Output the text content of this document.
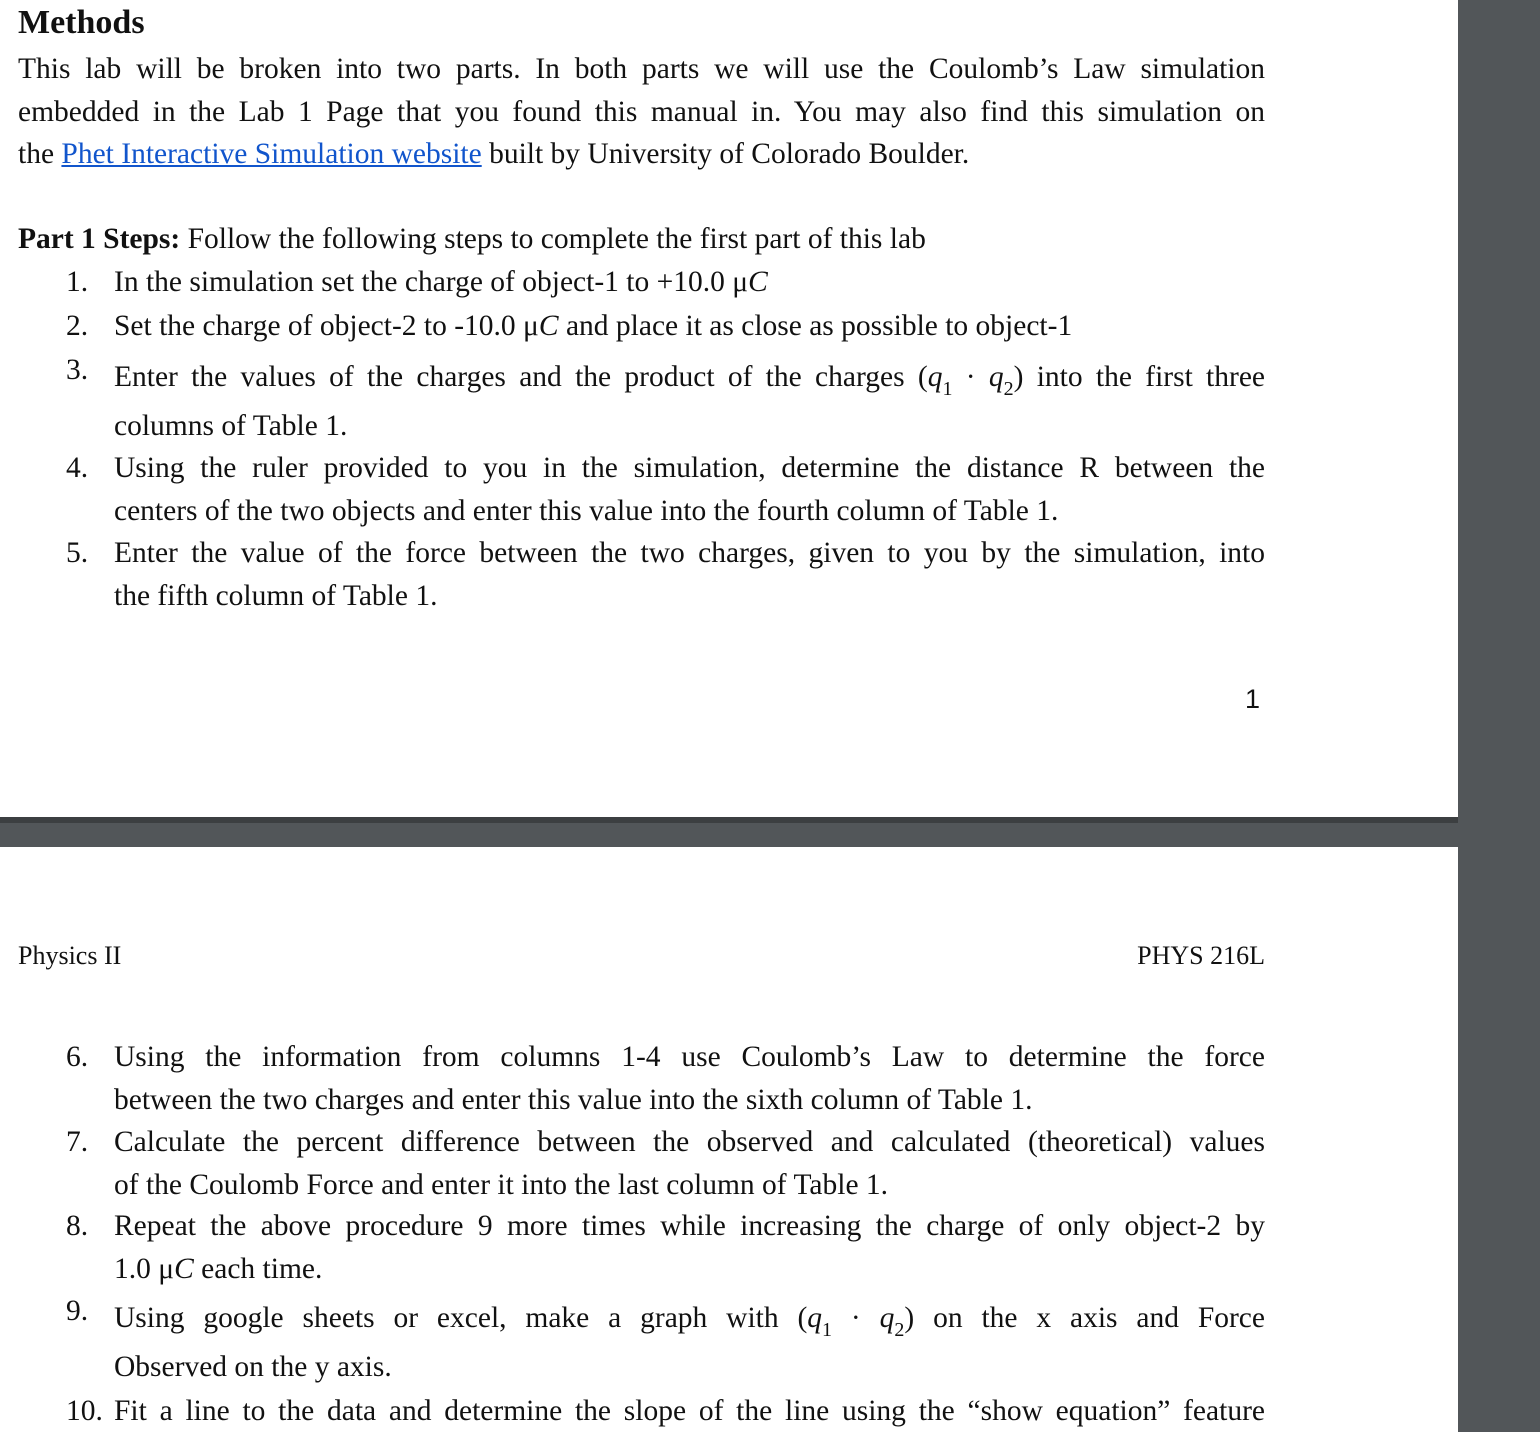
Methods
This lab will be broken into two parts. In both parts we will use the Coulomb’s Law simulation
embedded in the Lab 1 Page that you found this manual in. You may also find this simulation on
the Phet Interactive Simulation website built by University of Colorado Boulder.
Part 1 Steps: Follow the following steps to complete the first part of this lab
1. In the simulation set the charge of object-1 to +10.0 μC
2. Set the charge of object-2 to -10.0 μC and place it as close as possible to object-1
3. Enter the values of the charges and the product of the charges $(q_1 \cdot q_2)$ into the first three
columns of Table 1.
4. Using the ruler provided to you in the simulation, determine the distance R between the
centers of the two objects and enter this value into the fourth column of Table 1.
5. Enter the value of the force between the two charges, given to you by the simulation, into
the fifth column of Table 1.
1
Physics II	PHYS 216L
6. Using the information from columns 1-4 use Coulomb’s Law to determine the force
between the two charges and enter this value into the sixth column of Table 1.
7. Calculate the percent difference between the observed and calculated (theoretical) values
of the Coulomb Force and enter it into the last column of Table 1.
8. Repeat the above procedure 9 more times while increasing the charge of only object-2 by
1.0 μC each time.
9. Using google sheets or excel, make a graph with $(q_1 \cdot q_2)$ on the x axis and Force
Observed on the y axis.
10. Fit a line to the data and determine the slope of the line using the “show equation” feature
